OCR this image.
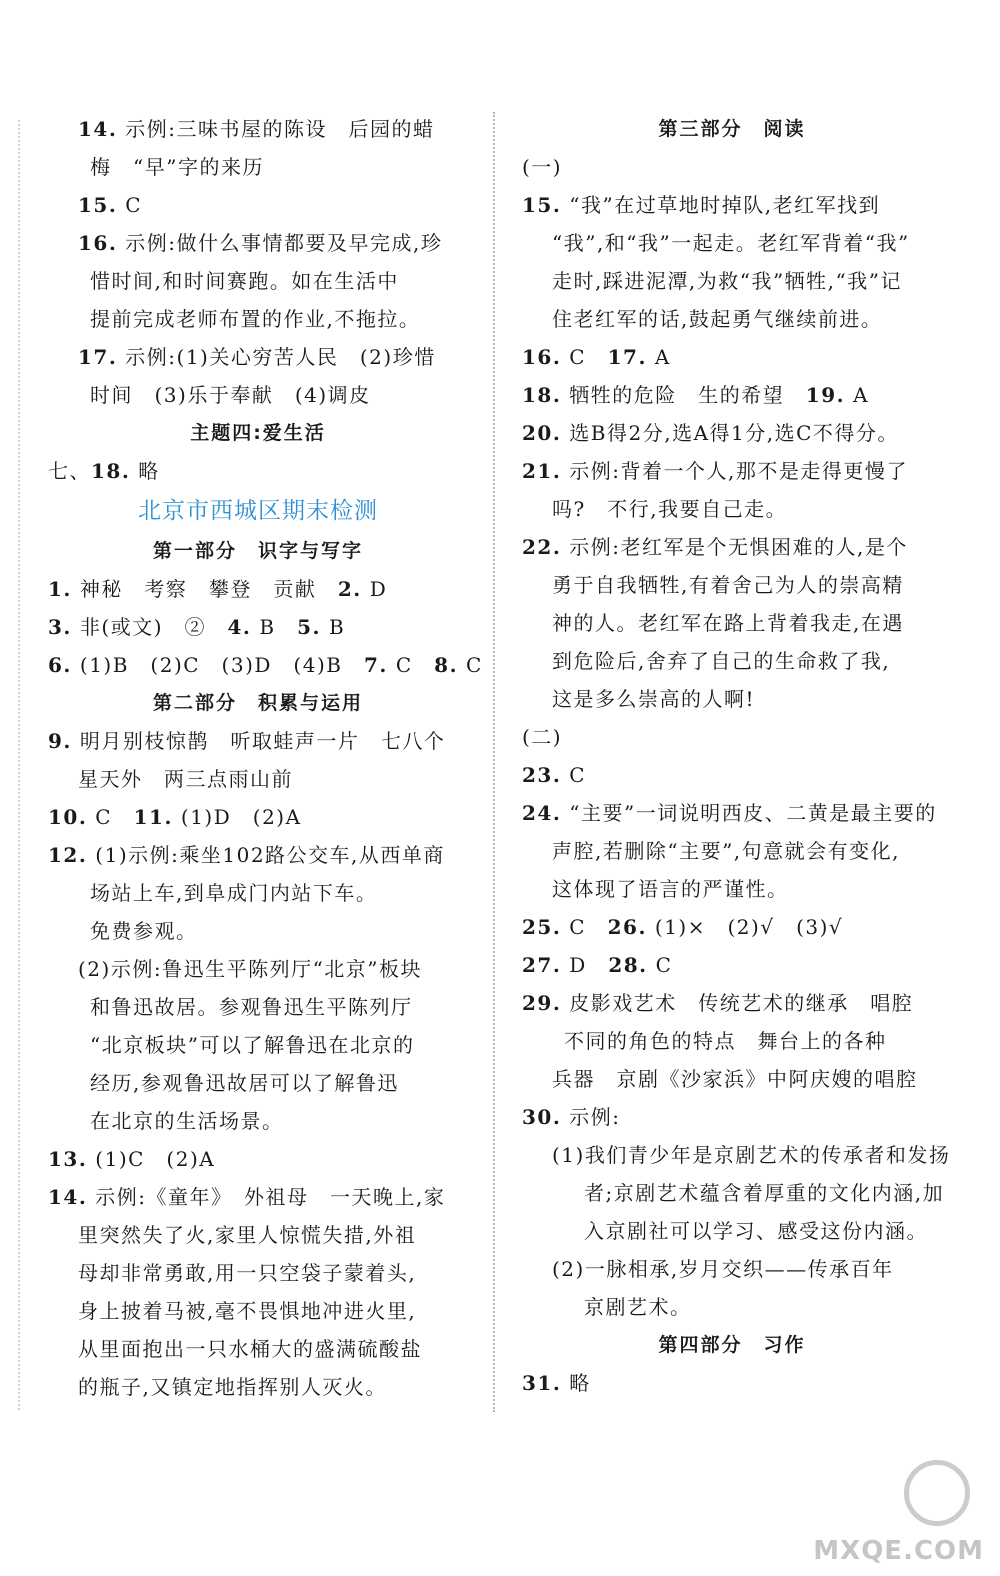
14. 示例:三味书屋的陈设　后园的蜡
梅　“早”字的来历
15. C
16. 示例:做什么事情都要及早完成,珍
惜时间,和时间赛跑。如在生活中
提前完成老师布置的作业,不拖拉。
17. 示例:(1)关心穷苦人民　(2)珍惜
时间　(3)乐于奉献　(4)调皮
主题四:爱生活
七、18. 略
北京市西城区期末检测
第一部分　识字与写字
1. 神秘　考察　攀登　贡献　2. D
3. 非(或文)　②　4. B　5. B
6. (1)B　(2)C　(3)D　(4)B　7. C　8. C
第二部分　积累与运用
9. 明月别枝惊鹊　听取蛙声一片　七八个
星天外　两三点雨山前
10. C　11. (1)D　(2)A
12. (1)示例:乘坐102路公交车,从西单商
场站上车,到阜成门内站下车。
免费参观。
(2)示例:鲁迅生平陈列厅“北京”板块
和鲁迅故居。参观鲁迅生平陈列厅
“北京板块”可以了解鲁迅在北京的
经历,参观鲁迅故居可以了解鲁迅
在北京的生活场景。
13. (1)C　(2)A
14. 示例:《童年》　外祖母　一天晚上,家
里突然失了火,家里人惊慌失措,外祖
母却非常勇敢,用一只空袋子蒙着头,
身上披着马被,毫不畏惧地冲进火里,
从里面抱出一只水桶大的盛满硫酸盐
的瓶子,又镇定地指挥别人灭火。
第三部分　阅读
(一)
15. “我”在过草地时掉队,老红军找到
“我”,和“我”一起走。老红军背着“我”
走时,踩进泥潭,为救“我”牺牲,“我”记
住老红军的话,鼓起勇气继续前进。
16. C　17. A
18. 牺牲的危险　生的希望　19. A
20. 选B得2分,选A得1分,选C不得分。
21. 示例:背着一个人,那不是走得更慢了
吗?　不行,我要自己走。
22. 示例:老红军是个无惧困难的人,是个
勇于自我牺牲,有着舍己为人的崇高精
神的人。老红军在路上背着我走,在遇
到危险后,舍弃了自己的生命救了我,
这是多么崇高的人啊!
(二)
23. C
24. “主要”一词说明西皮、二黄是最主要的
声腔,若删除“主要”,句意就会有变化,
这体现了语言的严谨性。
25. C　26. (1)×　(2)√　(3)√
27. D　28. C
29. 皮影戏艺术　传统艺术的继承　唱腔
不同的角色的特点　舞台上的各种
兵器　京剧《沙家浜》中阿庆嫂的唱腔
30. 示例:
(1)我们青少年是京剧艺术的传承者和发扬
者;京剧艺术蕴含着厚重的文化内涵,加
入京剧社可以学习、感受这份内涵。
(2)一脉相承,岁月交织——传承百年
京剧艺术。
第四部分　习作
31. 略
MXQE.COM
